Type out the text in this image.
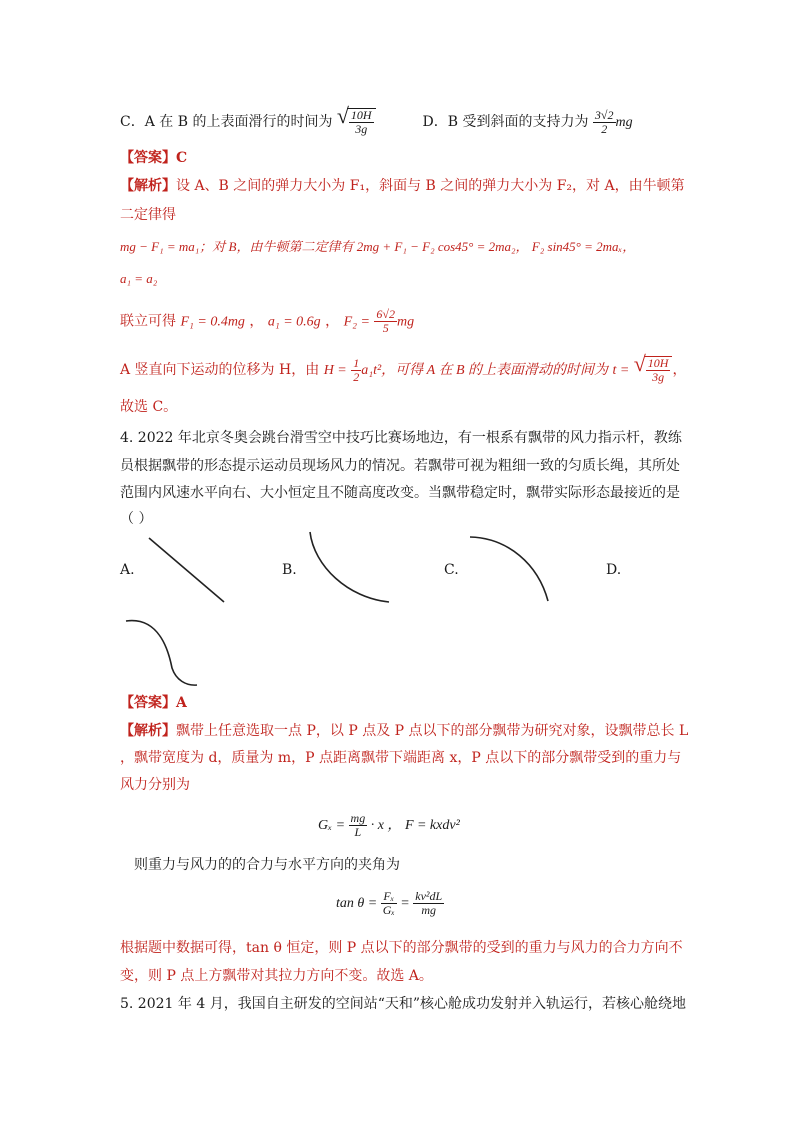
C．A 在 B 的上表面滑行的时间为 √ $\frac{10H}{3g}$	D．B 受到斜面的支持力为 $\frac{3√2}{2}$ mg
【答案】C
【解析】设 A、B 之间的弹力大小为 F₁，斜面与 B 之间的弹力大小为 F₂，对 A，由牛顿第
二定律得
mg − F₁ = ma₁；对 B，由牛顿第二定律有 2mg + F₁ − F₂ cos45° = 2ma₂， F₂ sin45° = 2maₓ，
a₁ = a₂
联立可得 F₁ = 0.4mg ， a₁ = 0.6g ， $F_2 = \frac{6√2}{5}$ mg
A 竖直向下运动的位移为 H，由 $H = \frac{1}{2} a_1t^2$，可得 A 在 B 的上表面滑动的时间为 t = √ $\frac{10H}{3g}$ ，
故选 C。
4. 2022 年北京冬奥会跳台滑雪空中技巧比赛场地边，有一根系有飘带的风力指示杆，教练
员根据飘带的形态提示运动员现场风力的情况。若飘带可视为粗细一致的匀质长绳，其所处
范围内风速水平向右、大小恒定且不随高度改变。当飘带稳定时，飘带实际形态最接近的是
（ ）
A.	B.	C.	D.
【答案】A
【解析】飘带上任意选取一点 P，以 P 点及 P 点以下的部分飘带为研究对象，设飘带总长 L
，飘带宽度为 d，质量为 m，P 点距离飘带下端距离 x，P 点以下的部分飘带受到的重力与
风力分别为
$G_x = \frac{mg}{L} \cdot x$ ， F = kxdv²
则重力与风力的的合力与水平方向的夹角为
$\tan \theta = \frac{\text{Fₓ}}{\text{Gₓ}} = \frac{\text{kv²dL}}{mg}$
根据题中数据可得，tan θ 恒定，则 P 点以下的部分飘带的受到的重力与风力的合力方向不
变，则 P 点上方飘带对其拉力方向不变。故选 A。
5. 2021 年 4 月，我国自主研发的空间站“天和”核心舱成功发射并入轨运行，若核心舱绕地
